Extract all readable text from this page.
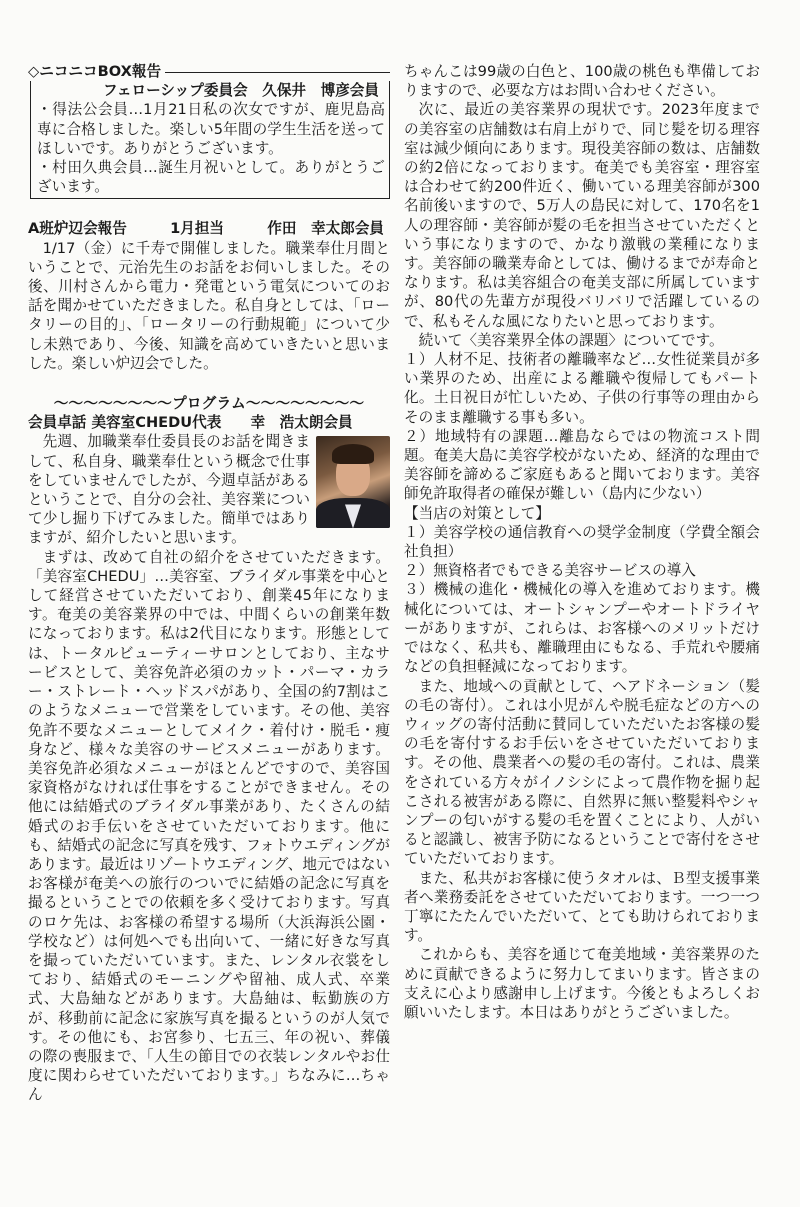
◇ニコニコBOX報告

フェローシップ委員会　久保井　博彦会員

・得法公会員…1月21日私の次女ですが、鹿児島高専に合格しました。楽しい5年間の学生生活を送ってほしいです。ありがとうございます。

・村田久典会員…誕生月祝いとして。ありがとうございます。

A班炉辺会報告	1月担当	作田　幸太郎会員

1/17（金）に千寿で開催しました。職業奉仕月間ということで、元治先生のお話をお伺いしました。その後、川村さんから電力・発電という電気についてのお話を聞かせていただきました。私自身としては、「ロータリーの目的」、「ロータリーの行動規範」について少し未熟であり、今後、知識を高めていきたいと思いました。楽しい炉辺会でした。

〜〜〜〜〜〜〜〜プログラム〜〜〜〜〜〜〜〜

会員卓話 美容室CHEDU代表　　幸　浩太朗会員

先週、加職業奉仕委員長のお話を聞きまして、私自身、職業奉仕という概念で仕事をしていませんでしたが、今週卓話があるということで、自分の会社、美容業について少し掘り下げてみました。簡単ではありますが、紹介したいと思います。

まずは、改めて自社の紹介をさせていただきます。「美容室CHEDU」…美容室、ブライダル事業を中心として経営させていただいており、創業45年になります。奄美の美容業界の中では、中間くらいの創業年数になっております。私は2代目になります。形態としては、トータルビューティーサロンとしており、主なサービスとして、美容免許必須のカット・パーマ・カラー・ストレート・ヘッドスパがあり、全国の約7割はこのようなメニューで営業をしています。その他、美容免許不要なメニューとしてメイク・着付け・脱毛・痩身など、様々な美容のサービスメニューがあります。美容免許必須なメニューがほとんどですので、美容国家資格がなければ仕事をすることができません。その他には結婚式のブライダル事業があり、たくさんの結婚式のお手伝いをさせていただいております。他にも、結婚式の記念に写真を残す、フォトウエディングがあります。最近はリゾートウエディング、地元ではないお客様が奄美への旅行のついでに結婚の記念に写真を撮るということでの依頼を多く受けております。写真のロケ先は、お客様の希望する場所（大浜海浜公園・学校など）は何処へでも出向いて、一緒に好きな写真を撮っていただいています。また、レンタル衣裳をしており、結婚式のモーニングや留袖、成人式、卒業式、大島紬などがあります。大島紬は、転勤族の方が、移動前に記念に家族写真を撮るというのが人気です。その他にも、お宮参り、七五三、年の祝い、葬儀の際の喪服まで、「人生の節目での衣装レンタルやお仕度に関わらせていただいております。」ちなみに…ちゃん

ちゃんこは99歳の白色と、100歳の桃色も準備しておりますので、必要な方はお問い合わせください。

次に、最近の美容業界の現状です。2023年度までの美容室の店舗数は右肩上がりで、同じ髪を切る理容室は減少傾向にあります。現役美容師の数は、店舗数の約2倍になっております。奄美でも美容室・理容室は合わせて約200件近く、働いている理美容師が300名前後いますので、5万人の島民に対して、170名を1人の理容師・美容師が髪の毛を担当させていただくという事になりますので、かなり激戦の業種になります。美容師の職業寿命としては、働けるまでが寿命となります。私は美容組合の奄美支部に所属していますが、80代の先輩方が現役バリバリで活躍しているので、私もそんな風になりたいと思っております。

続いて〈美容業界全体の課題〉についてです。

１）人材不足、技術者の離職率など…女性従業員が多い業界のため、出産による離職や復帰してもパート化。土日祝日が忙しいため、子供の行事等の理由からそのまま離職する事も多い。

２）地域特有の課題…離島ならではの物流コスト問題。奄美大島に美容学校がないため、経済的な理由で美容師を諦めるご家庭もあると聞いております。美容師免許取得者の確保が難しい（島内に少ない）

【当店の対策として】

１）美容学校の通信教育への奨学金制度（学費全額会社負担）

２）無資格者でもできる美容サービスの導入

３）機械の進化・機械化の導入を進めております。機械化については、オートシャンプーやオートドライヤーがありますが、これらは、お客様へのメリットだけではなく、私共も、離職理由にもなる、手荒れや腰痛などの負担軽減になっております。

また、地域への貢献として、ヘアドネーション（髪の毛の寄付）。これは小児がんや脱毛症などの方へのウィッグの寄付活動に賛同していただいたお客様の髪の毛を寄付するお手伝いをさせていただいております。その他、農業者への髪の毛の寄付。これは、農業をされている方々がイノシシによって農作物を掘り起こされる被害がある際に、自然界に無い整髪料やシャンプーの匂いがする髪の毛を置くことにより、人がいると認識し、被害予防になるということで寄付をさせていただいております。

また、私共がお客様に使うタオルは、Ｂ型支援事業者へ業務委託をさせていただいております。一つ一つ丁寧にたたんでいただいて、とても助けられております。

これからも、美容を通じて奄美地域・美容業界のために貢献できるように努力してまいります。皆さまの支えに心より感謝申し上げます。今後ともよろしくお願いいたします。本日はありがとうございました。
